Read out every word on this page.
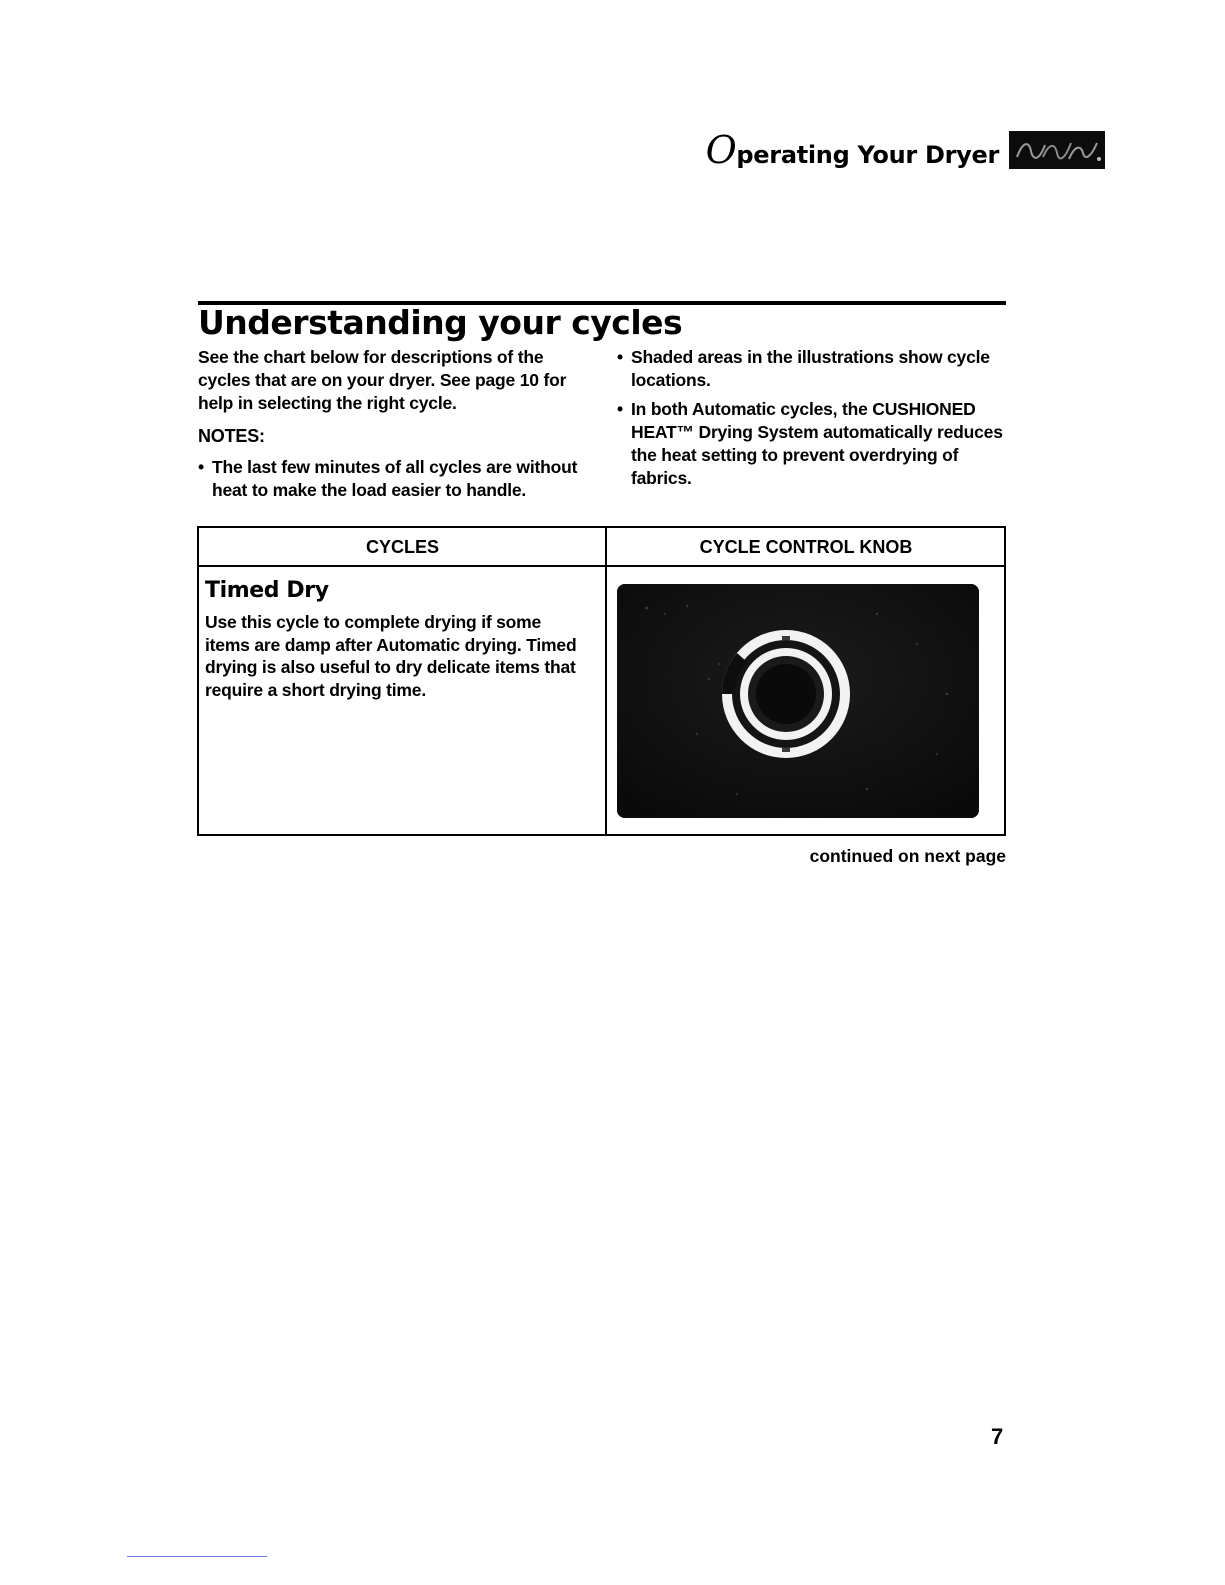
Operating Your Dryer
Understanding your cycles

See the chart below for descriptions of the cycles that are on your dryer. See page 10 for help in selecting the right cycle.

NOTES:

• The last few minutes of all cycles are without heat to make the load easier to handle.
• Shaded areas in the illustrations show cycle locations.
• In both Automatic cycles, the CUSHIONED HEAT™ Drying System automatically reduces the heat setting to prevent overdrying of fabrics.
CYCLES	CYCLE CONTROL KNOB

Timed Dry

Use this cycle to complete drying if some items are damp after Automatic drying. Timed drying is also useful to dry delicate items that require a short drying time.

continued on next page
7
